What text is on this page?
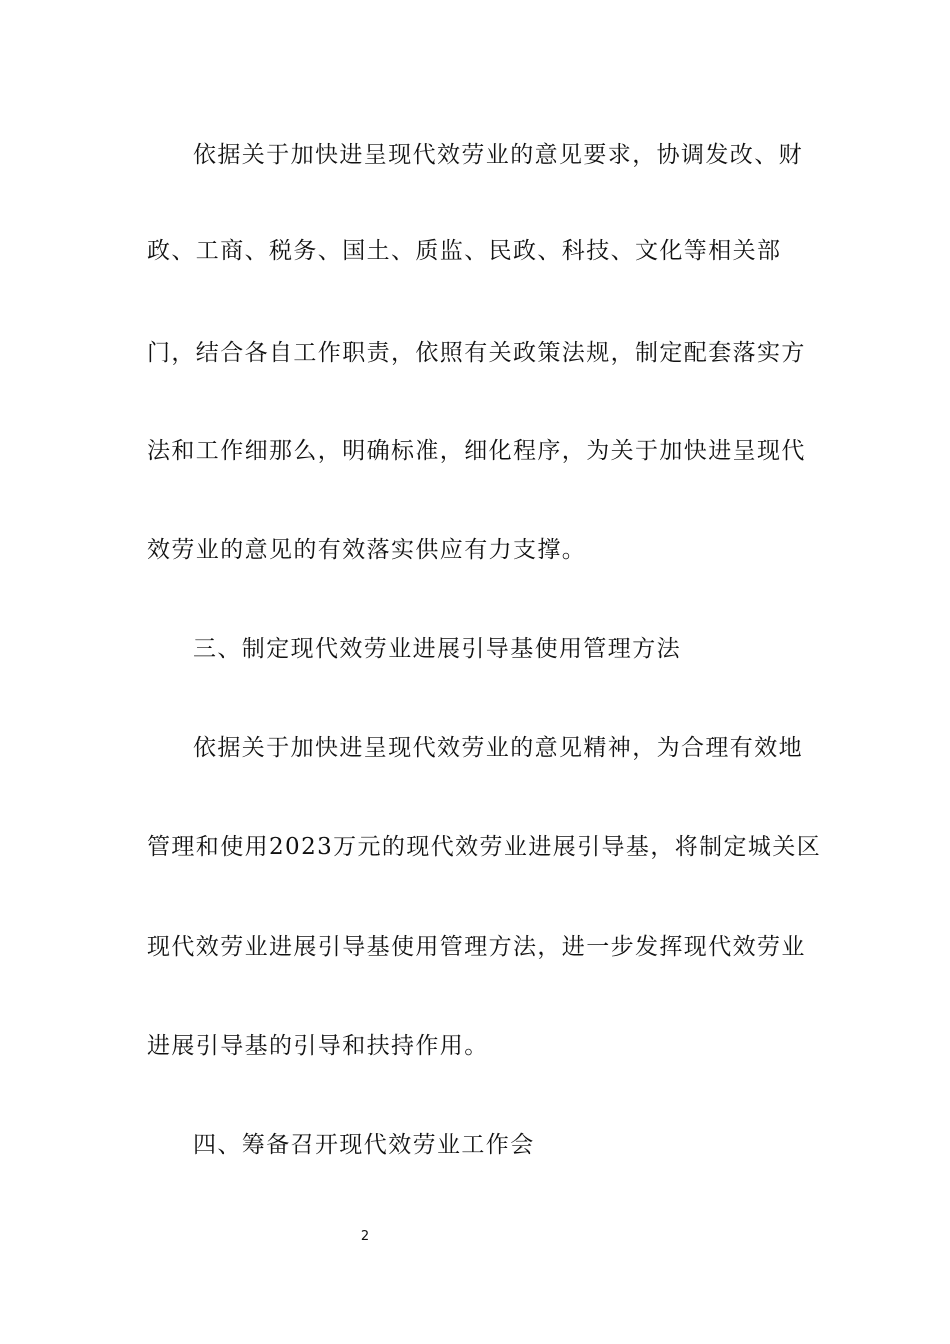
依据关于加快进呈现代效劳业的意见要求，协调发改、财
政、工商、税务、国土、质监、民政、科技、文化等相关部
门，结合各自工作职责，依照有关政策法规，制定配套落实方
法和工作细那么，明确标准，细化程序，为关于加快进呈现代
效劳业的意见的有效落实供应有力支撑。
三、制定现代效劳业进展引导基使用管理方法
依据关于加快进呈现代效劳业的意见精神，为合理有效地
管理和使用2023万元的现代效劳业进展引导基，将制定城关区
现代效劳业进展引导基使用管理方法，进一步发挥现代效劳业
进展引导基的引导和扶持作用。
四、筹备召开现代效劳业工作会
2
